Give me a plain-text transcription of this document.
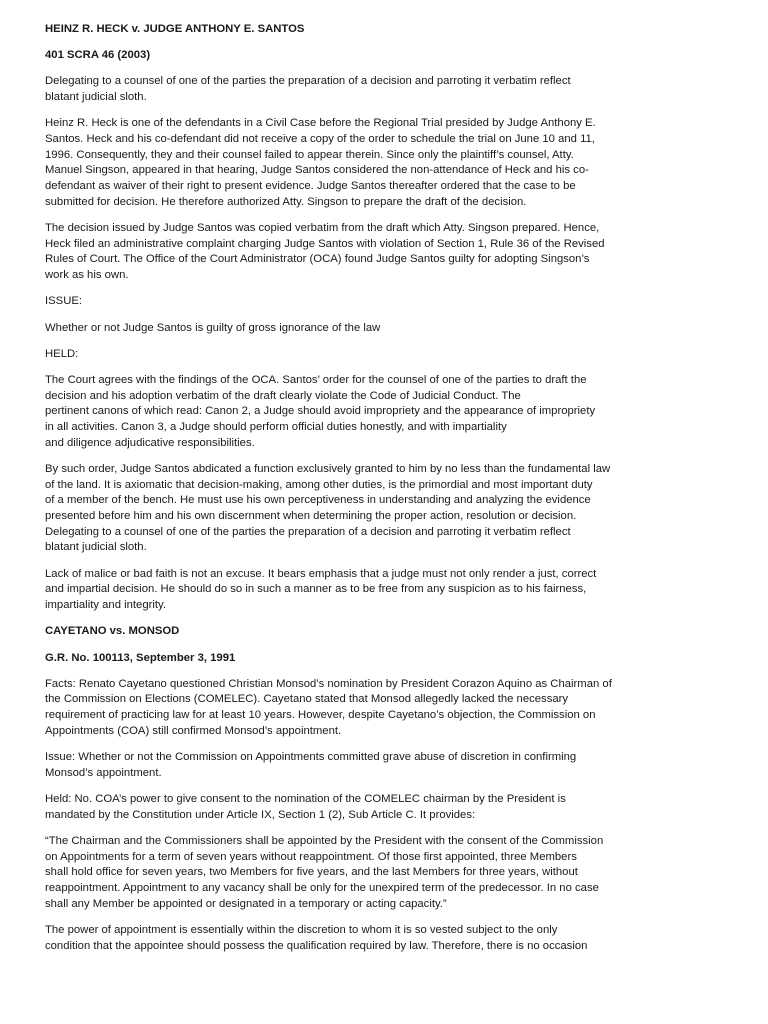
HEINZ R. HECK v. JUDGE ANTHONY E. SANTOS

401 SCRA 46 (2003)

Delegating to a counsel of one of the parties the preparation of a decision and parroting it verbatim reflect
blatant judicial sloth.

Heinz R. Heck is one of the defendants in a Civil Case before the Regional Trial presided by Judge Anthony E.
Santos. Heck and his co-defendant did not receive a copy of the order to schedule the trial on June 10 and 11,
1996. Consequently, they and their counsel failed to appear therein. Since only the plaintiff’s counsel, Atty.
Manuel Singson, appeared in that hearing, Judge Santos considered the non-attendance of Heck and his co-
defendant as waiver of their right to present evidence. Judge Santos thereafter ordered that the case to be
submitted for decision. He therefore authorized Atty. Singson to prepare the draft of the decision.

The decision issued by Judge Santos was copied verbatim from the draft which Atty. Singson prepared. Hence,
Heck filed an administrative complaint charging Judge Santos with violation of Section 1, Rule 36 of the Revised
Rules of Court. The Office of the Court Administrator (OCA) found Judge Santos guilty for adopting Singson’s
work as his own.

ISSUE:

Whether or not Judge Santos is guilty of gross ignorance of the law

HELD:

The Court agrees with the findings of the OCA. Santos’ order for the counsel of one of the parties to draft the
decision and his adoption verbatim of the draft clearly violate the Code of Judicial Conduct. The
pertinent canons of which read: Canon 2, a Judge should avoid impropriety and the appearance of impropriety
in all activities. Canon 3, a Judge should perform official duties honestly, and with impartiality
and diligence adjudicative responsibilities.

By such order, Judge Santos abdicated a function exclusively granted to him by no less than the fundamental law
of the land. It is axiomatic that decision-making, among other duties, is the primordial and most important duty
of a member of the bench. He must use his own perceptiveness in understanding and analyzing the evidence
presented before him and his own discernment when determining the proper action, resolution or decision.
Delegating to a counsel of one of the parties the preparation of a decision and parroting it verbatim reflect
blatant judicial sloth.

Lack of malice or bad faith is not an excuse. It bears emphasis that a judge must not only render a just, correct
and impartial decision. He should do so in such a manner as to be free from any suspicion as to his fairness,
impartiality and integrity.

CAYETANO vs. MONSOD

G.R. No. 100113, September 3, 1991

Facts: Renato Cayetano questioned Christian Monsod’s nomination by President Corazon Aquino as Chairman of
the Commission on Elections (COMELEC). Cayetano stated that Monsod allegedly lacked the necessary
requirement of practicing law for at least 10 years. However, despite Cayetano’s objection, the Commission on
Appointments (COA) still confirmed Monsod’s appointment.

Issue: Whether or not the Commission on Appointments committed grave abuse of discretion in confirming
Monsod’s appointment.

Held: No. COA’s power to give consent to the nomination of the COMELEC chairman by the President is
mandated by the Constitution under Article IX, Section 1 (2), Sub Article C. It provides:

“The Chairman and the Commissioners shall be appointed by the President with the consent of the Commission
on Appointments for a term of seven years without reappointment. Of those first appointed, three Members
shall hold office for seven years, two Members for five years, and the last Members for three years, without
reappointment. Appointment to any vacancy shall be only for the unexpired term of the predecessor. In no case
shall any Member be appointed or designated in a temporary or acting capacity.”

The power of appointment is essentially within the discretion to whom it is so vested subject to the only
condition that the appointee should possess the qualification required by law. Therefore, there is no occasion
